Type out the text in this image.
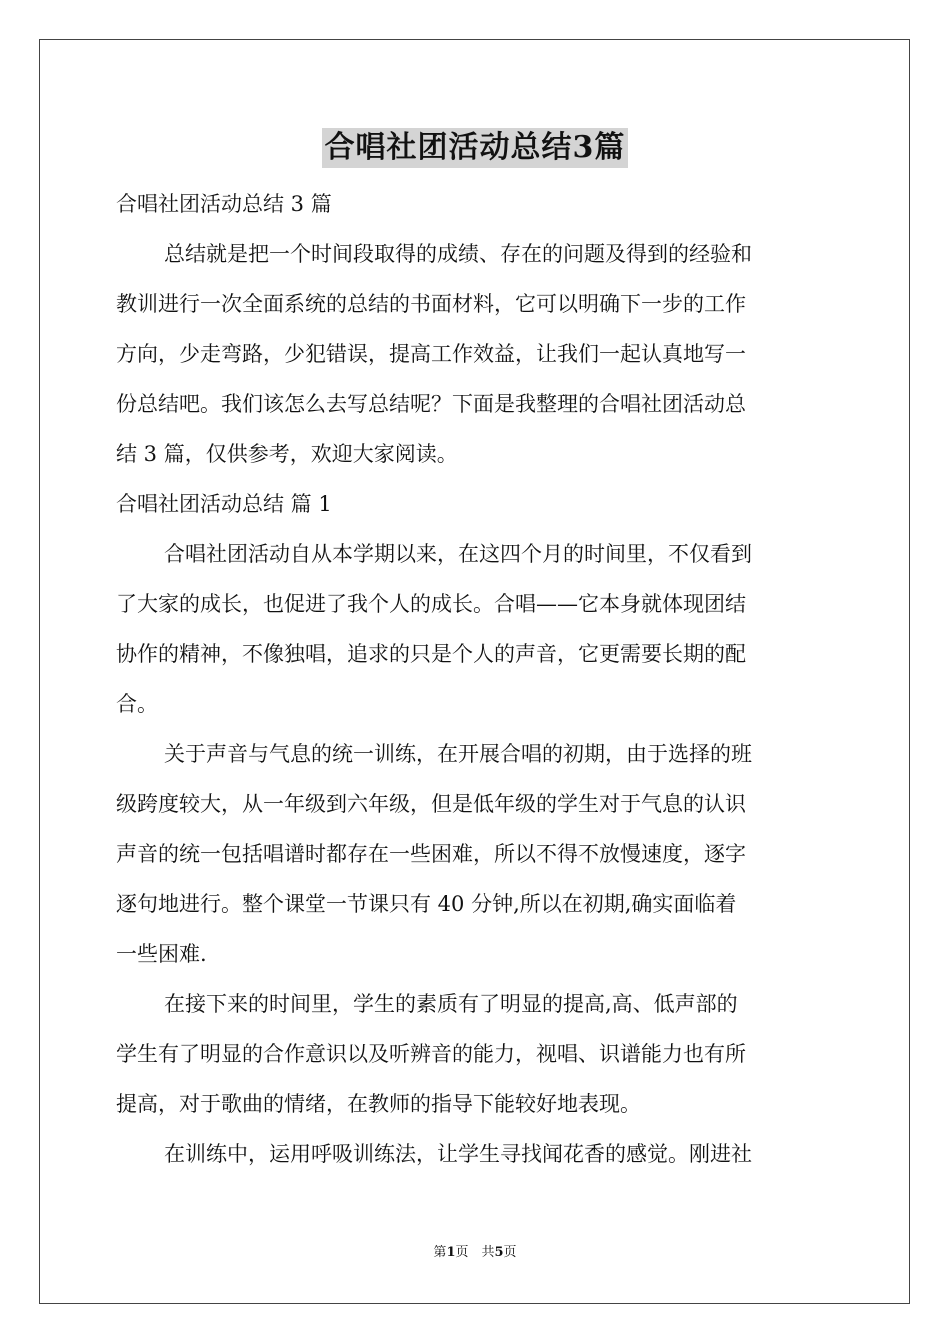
合唱社团活动总结3篇
合唱社团活动总结 3 篇
总结就是把一个时间段取得的成绩、存在的问题及得到的经验和
教训进行一次全面系统的总结的书面材料，它可以明确下一步的工作
方向，少走弯路，少犯错误，提高工作效益，让我们一起认真地写一
份总结吧。我们该怎么去写总结呢？下面是我整理的合唱社团活动总
结 3 篇，仅供参考，欢迎大家阅读。
合唱社团活动总结 篇 1
合唱社团活动自从本学期以来，在这四个月的时间里，不仅看到
了大家的成长，也促进了我个人的成长。合唱——它本身就体现团结
协作的精神，不像独唱，追求的只是个人的声音，它更需要长期的配
合。
关于声音与气息的统一训练，在开展合唱的初期，由于选择的班
级跨度较大，从一年级到六年级，但是低年级的学生对于气息的认识
声音的统一包括唱谱时都存在一些困难，所以不得不放慢速度，逐字
逐句地进行。整个课堂一节课只有 40 分钟,所以在初期,确实面临着
一些困难.
在接下来的时间里，学生的素质有了明显的提高,高、低声部的
学生有了明显的合作意识以及听辨音的能力，视唱、识谱能力也有所
提高，对于歌曲的情绪，在教师的指导下能较好地表现。
在训练中，运用呼吸训练法，让学生寻找闻花香的感觉。刚进社
第1页　共5页
